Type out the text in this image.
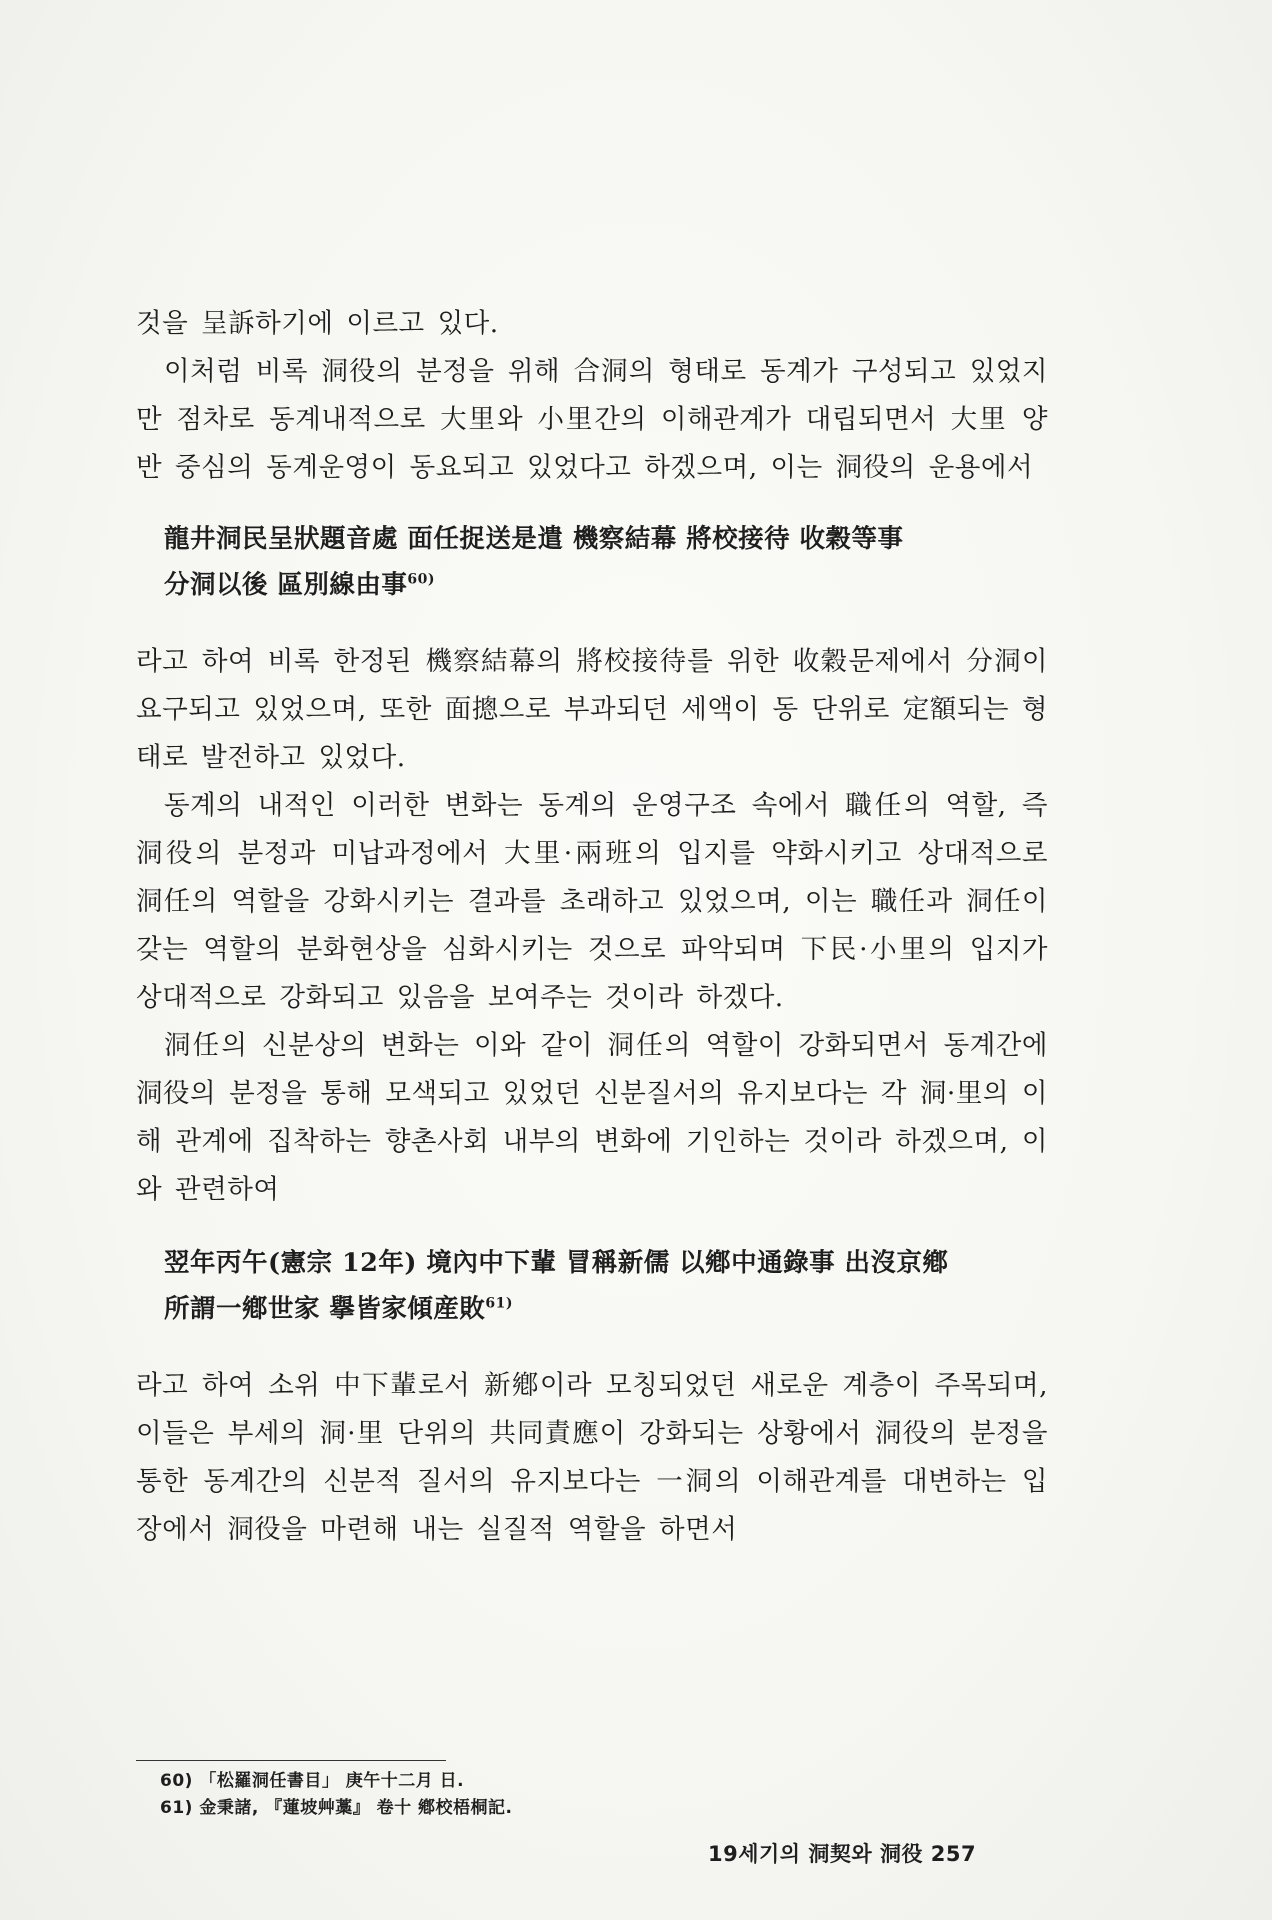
것을 呈訴하기에 이르고 있다.

이처럼 비록 洞役의 분정을 위해 合洞의 형태로 동계가 구성되고 있었지만 점차로 동계내적으로 大里와 小里간의 이해관계가 대립되면서 大里 양반 중심의 동계운영이 동요되고 있었다고 하겠으며, 이는 洞役의 운용에서

龍井洞民呈狀題音處 面任捉送是遣 機察結幕 將校接待 收穀等事
分洞以後 區別線由事$^{60)}$

라고 하여 비록 한정된 機察結幕의 將校接待를 위한 收穀문제에서 分洞이 요구되고 있었으며, 또한 面摠으로 부과되던 세액이 동 단위로 定額되는 형태로 발전하고 있었다.

동계의 내적인 이러한 변화는 동계의 운영구조 속에서 職任의 역할, 즉 洞役의 분정과 미납과정에서 大里·兩班의 입지를 약화시키고 상대적으로 洞任의 역할을 강화시키는 결과를 초래하고 있었으며, 이는 職任과 洞任이 갖는 역할의 분화현상을 심화시키는 것으로 파악되며 下民·小里의 입지가 상대적으로 강화되고 있음을 보여주는 것이라 하겠다.

洞任의 신분상의 변화는 이와 같이 洞任의 역할이 강화되면서 동계간에 洞役의 분정을 통해 모색되고 있었던 신분질서의 유지보다는 각 洞·里의 이해 관계에 집착하는 향촌사회 내부의 변화에 기인하는 것이라 하겠으며, 이와 관련하여

翌年丙午(憲宗 12年) 境內中下輩 冒稱新儒 以鄕中通錄事 出沒京鄕
所謂一鄕世家 擧皆家傾産敗$^{61)}$

라고 하여 소위 中下輩로서 新鄕이라 모칭되었던 새로운 계층이 주목되며, 이들은 부세의 洞·里 단위의 共同責應이 강화되는 상황에서 洞役의 분정을 통한 동계간의 신분적 질서의 유지보다는 一洞의 이해관계를 대변하는 입장에서 洞役을 마련해 내는 실질적 역할을 하면서

60) 「松羅洞任書目」 庚午十二月 日.

61) 金秉諸, 『蓮坡艸藁』 卷十 鄕校梧桐記.

19세기의 洞契와 洞役 257
